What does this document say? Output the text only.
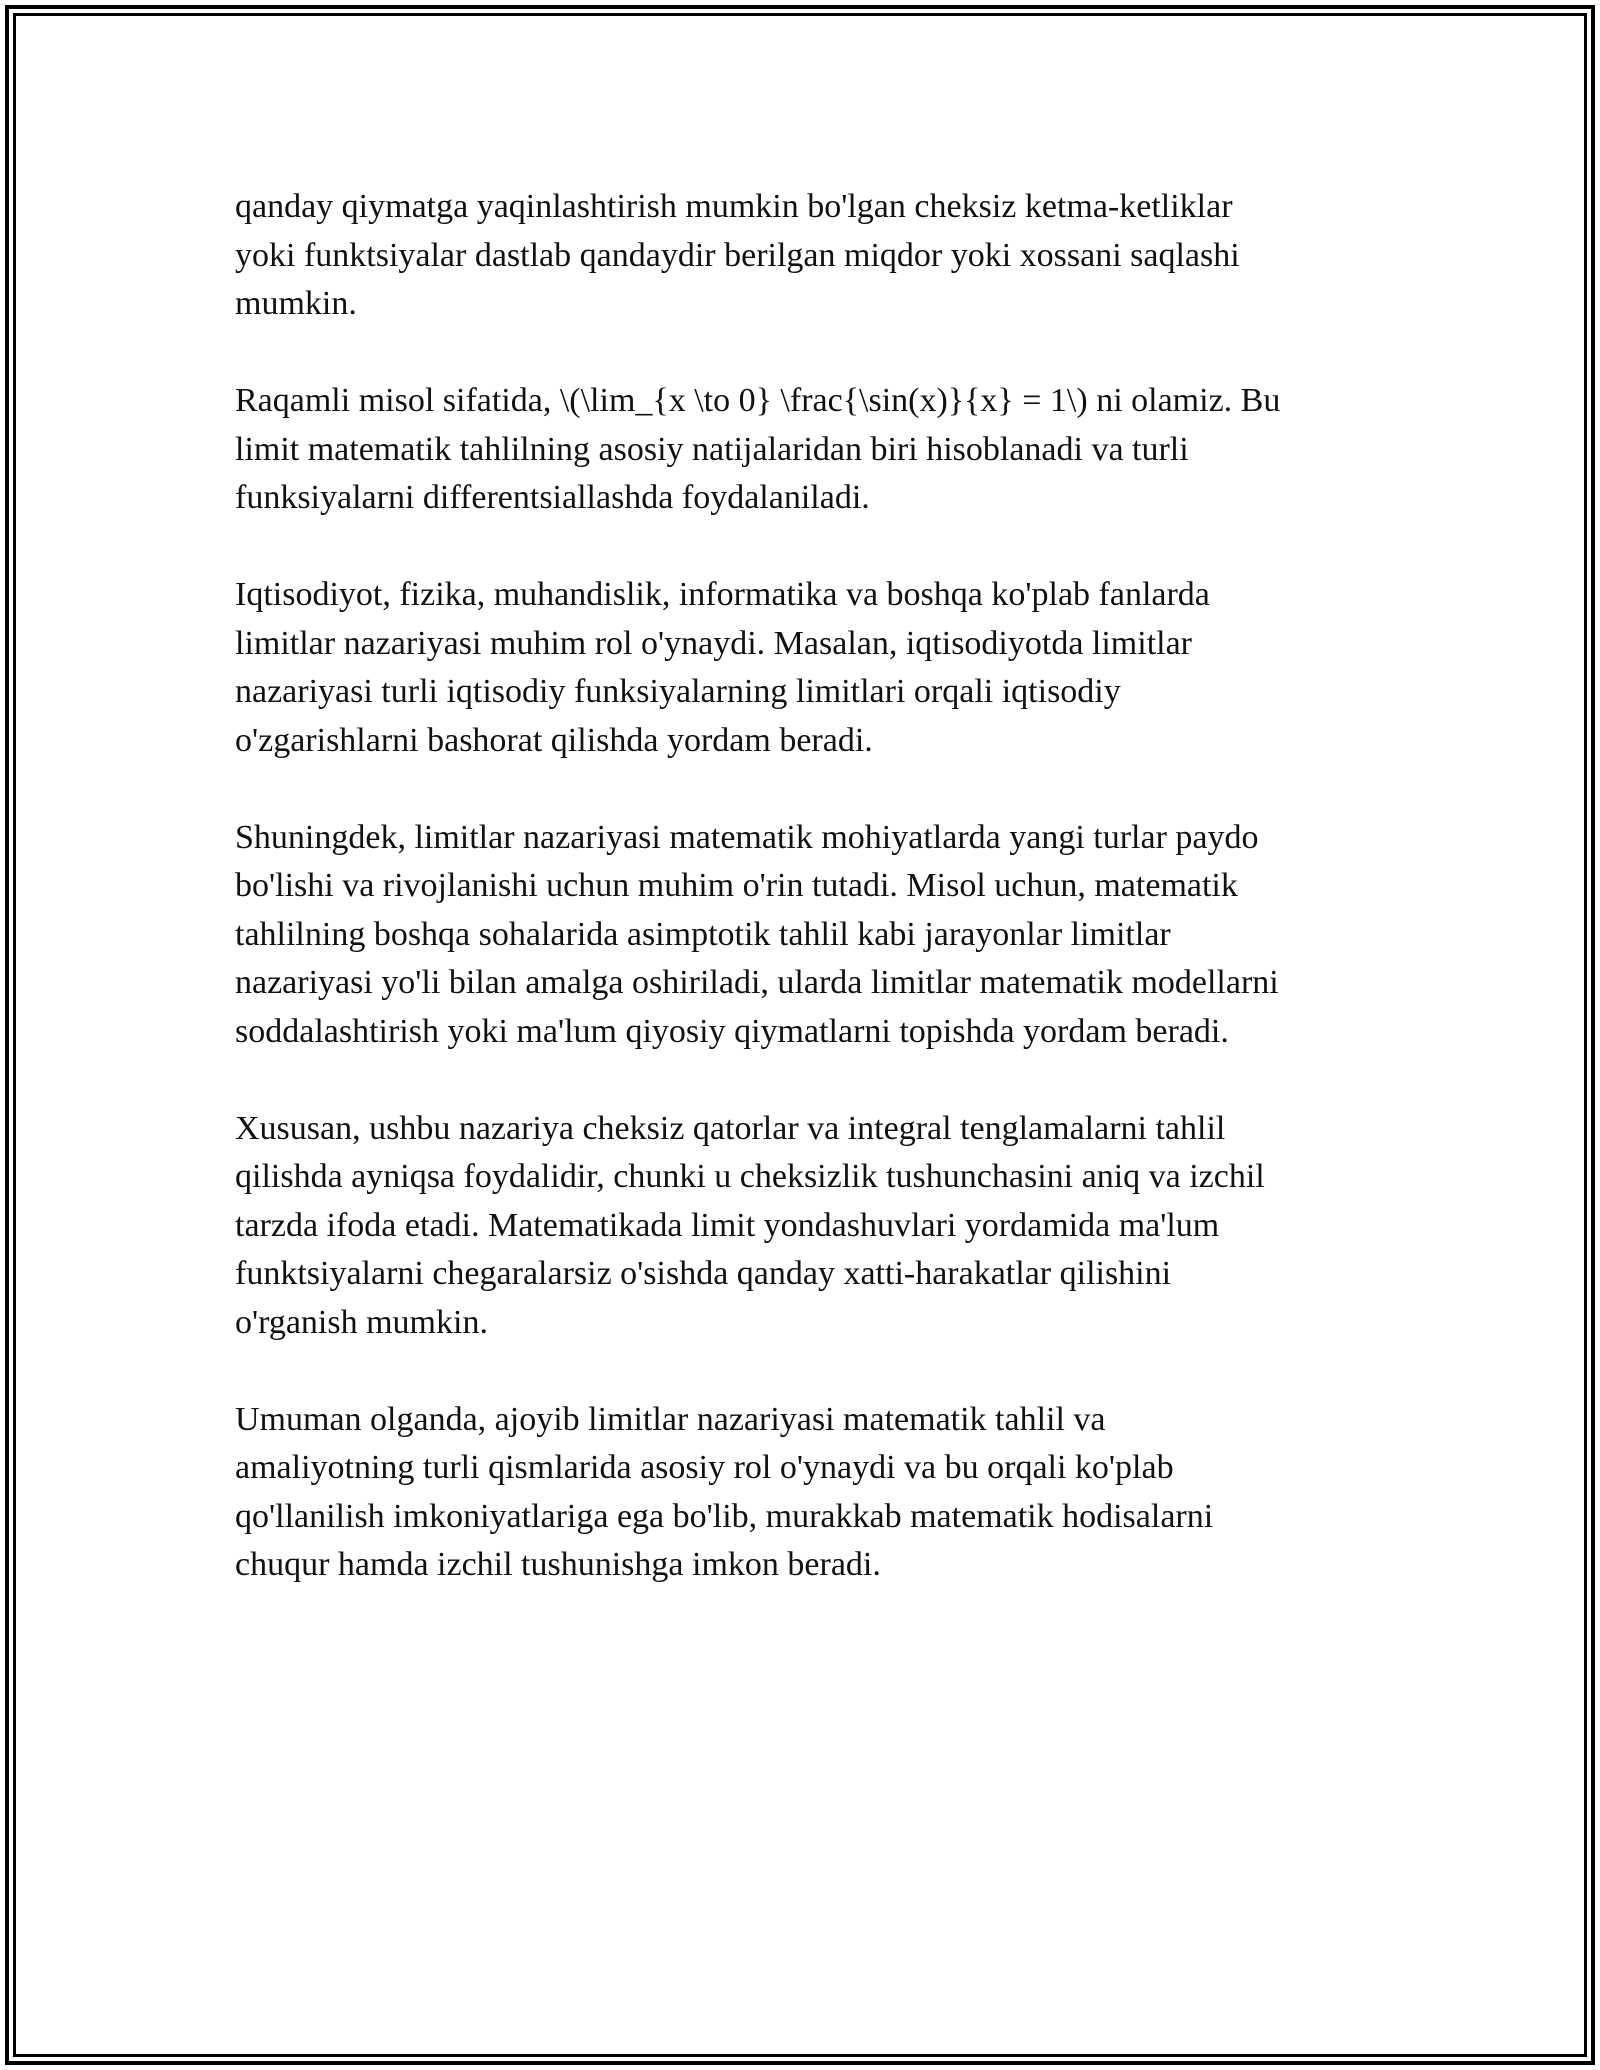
qanday qiymatga yaqinlashtirish mumkin bo'lgan cheksiz ketma-ketliklar
yoki funktsiyalar dastlab qandaydir berilgan miqdor yoki xossani saqlashi
mumkin.

Raqamli misol sifatida, \(\lim_{x \to 0} \frac{\sin(x)}{x} = 1\) ni olamiz. Bu
limit matematik tahlilning asosiy natijalaridan biri hisoblanadi va turli
funksiyalarni differentsiallashda foydalaniladi.

Iqtisodiyot, fizika, muhandislik, informatika va boshqa ko'plab fanlarda
limitlar nazariyasi muhim rol o'ynaydi. Masalan, iqtisodiyotda limitlar
nazariyasi turli iqtisodiy funksiyalarning limitlari orqali iqtisodiy
o'zgarishlarni bashorat qilishda yordam beradi.

Shuningdek, limitlar nazariyasi matematik mohiyatlarda yangi turlar paydo
bo'lishi va rivojlanishi uchun muhim o'rin tutadi. Misol uchun, matematik
tahlilning boshqa sohalarida asimptotik tahlil kabi jarayonlar limitlar
nazariyasi yo'li bilan amalga oshiriladi, ularda limitlar matematik modellarni
soddalashtirish yoki ma'lum qiyosiy qiymatlarni topishda yordam beradi.

Xususan, ushbu nazariya cheksiz qatorlar va integral tenglamalarni tahlil
qilishda ayniqsa foydalidir, chunki u cheksizlik tushunchasini aniq va izchil
tarzda ifoda etadi. Matematikada limit yondashuvlari yordamida ma'lum
funktsiyalarni chegaralarsiz o'sishda qanday xatti-harakatlar qilishini
o'rganish mumkin.

Umuman olganda, ajoyib limitlar nazariyasi matematik tahlil va
amaliyotning turli qismlarida asosiy rol o'ynaydi va bu orqali ko'plab
qo'llanilish imkoniyatlariga ega bo'lib, murakkab matematik hodisalarni
chuqur hamda izchil tushunishga imkon beradi.
